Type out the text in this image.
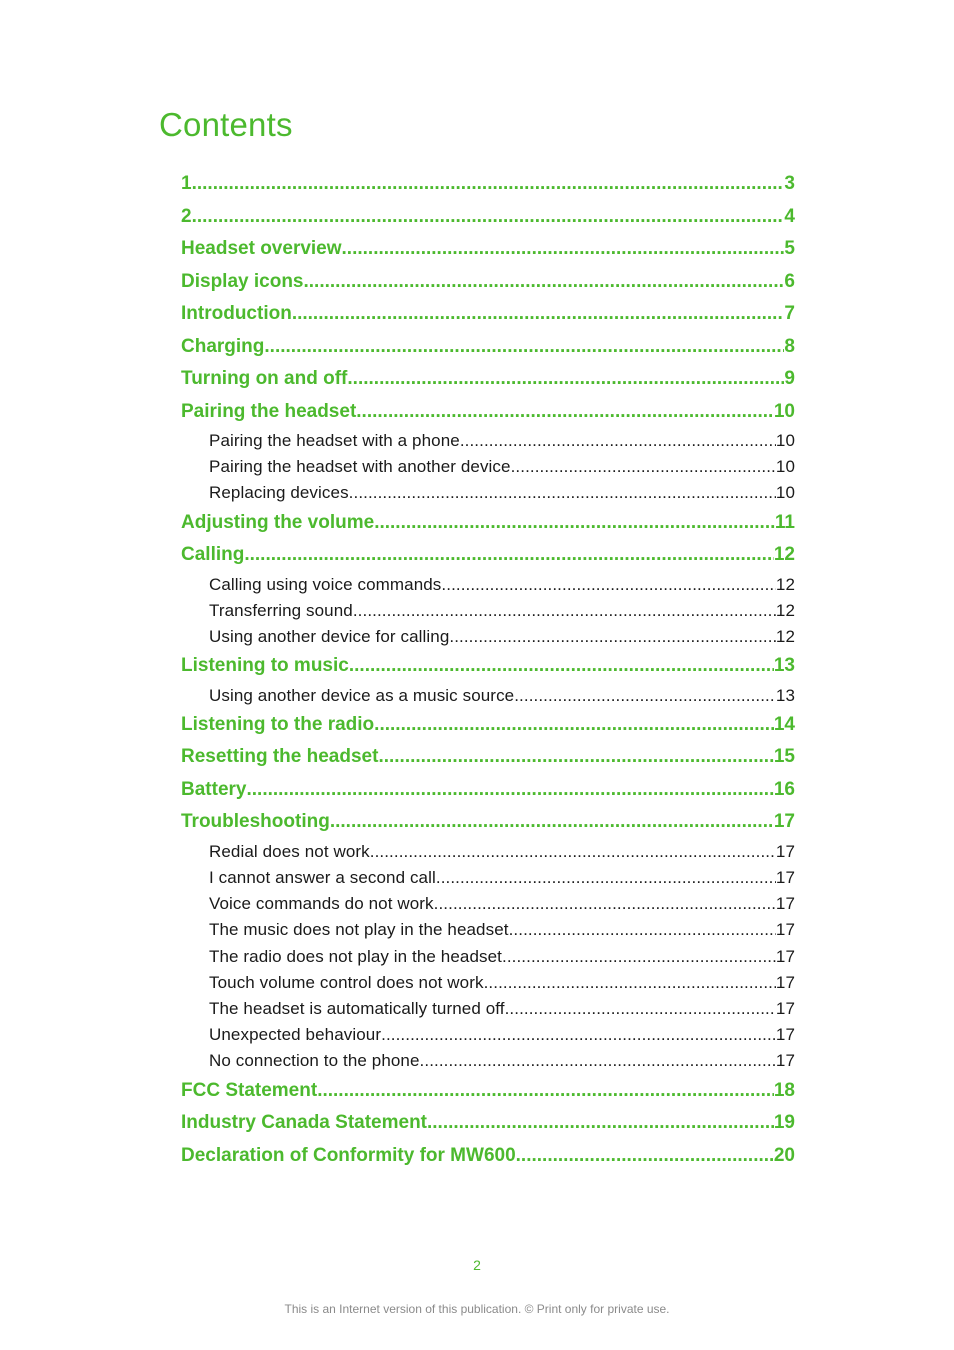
Contents
1 .....	3
2 .....	4
Headset overview .....	5
Display icons .....	6
Introduction .....	7
Charging .....	8
Turning on and off .....	9
Pairing the headset .....	10
Pairing the headset with a phone .....	10
Pairing the headset with another device .....	10
Replacing devices .....	10
Adjusting the volume .....	11
Calling .....	12
Calling using voice commands .....	12
Transferring sound .....	12
Using another device for calling .....	12
Listening to music .....	13
Using another device as a music source .....	13
Listening to the radio .....	14
Resetting the headset .....	15
Battery .....	16
Troubleshooting .....	17
Redial does not work .....	17
I cannot answer a second call .....	17
Voice commands do not work .....	17
The music does not play in the headset .....	17
The radio does not play in the headset .....	17
Touch volume control does not work .....	17
The headset is automatically turned off .....	17
Unexpected behaviour .....	17
No connection to the phone .....	17
FCC Statement .....	18
Industry Canada Statement .....	19
Declaration of Conformity for MW600 .....	20
2
This is an Internet version of this publication. © Print only for private use.
